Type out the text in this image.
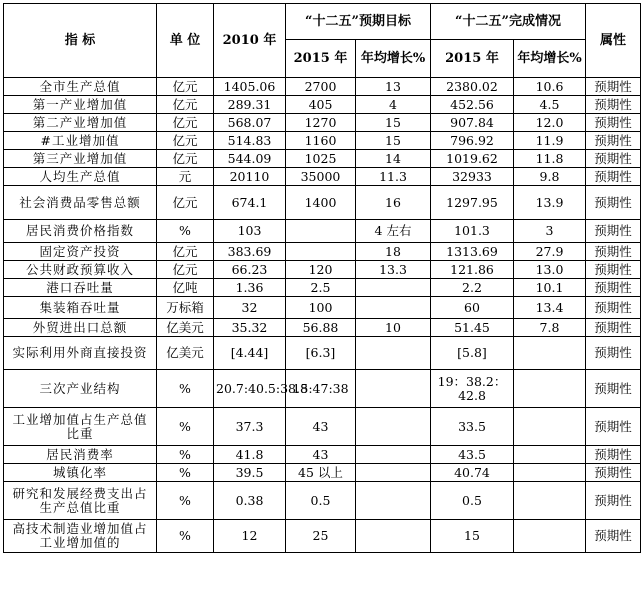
指 标	单 位	2010 年	“十二五”预期目标		“十二五”完成情况		属性
			2015 年	年均增长%	2015 年	年均增长%	
全市生产总值	亿元	1405.06	2700	13	2380.02	10.6	预期性
第一产业增加值	亿元	289.31	405	4	452.56	4.5	预期性
第二产业增加值	亿元	568.07	1270	15	907.84	12.0	预期性
#工业增加值	亿元	514.83	1160	15	796.92	11.9	预期性
第三产业增加值	亿元	544.09	1025	14	1019.62	11.8	预期性
人均生产总值	元	20110	35000	11.3	32933	9.8	预期性
社会消费品零售总额	亿元	674.1	1400	16	1297.95	13.9	预期性
居民消费价格指数	%	103		4 左右	101.3	3	预期性
固定资产投资	亿元	383.69		18	1313.69	27.9	预期性
公共财政预算收入	亿元	66.23	120	13.3	121.86	13.0	预期性
港口吞吐量	亿吨	1.36	2.5		2.2	10.1	预期性
集装箱吞吐量	万标箱	32	100		60	13.4	预期性
外贸进出口总额	亿美元	35.32	56.88	10	51.45	7.8	预期性
实际利用外商直接投资	亿美元	[4.44]	[6.3]		[5.8]		预期性
三次产业结构	%	20.7:40.5:38.8	15:47:38		19：38.2：42.8		预期性
工业增加值占生产总值比重	%	37.3	43		33.5		预期性
居民消费率	%	41.8	43		43.5		预期性
城镇化率	%	39.5	45 以上		40.74		预期性
研究和发展经费支出占生产总值比重	%	0.38	0.5		0.5		预期性
高技术制造业增加值占工业增加值的	%	12	25		15		预期性
